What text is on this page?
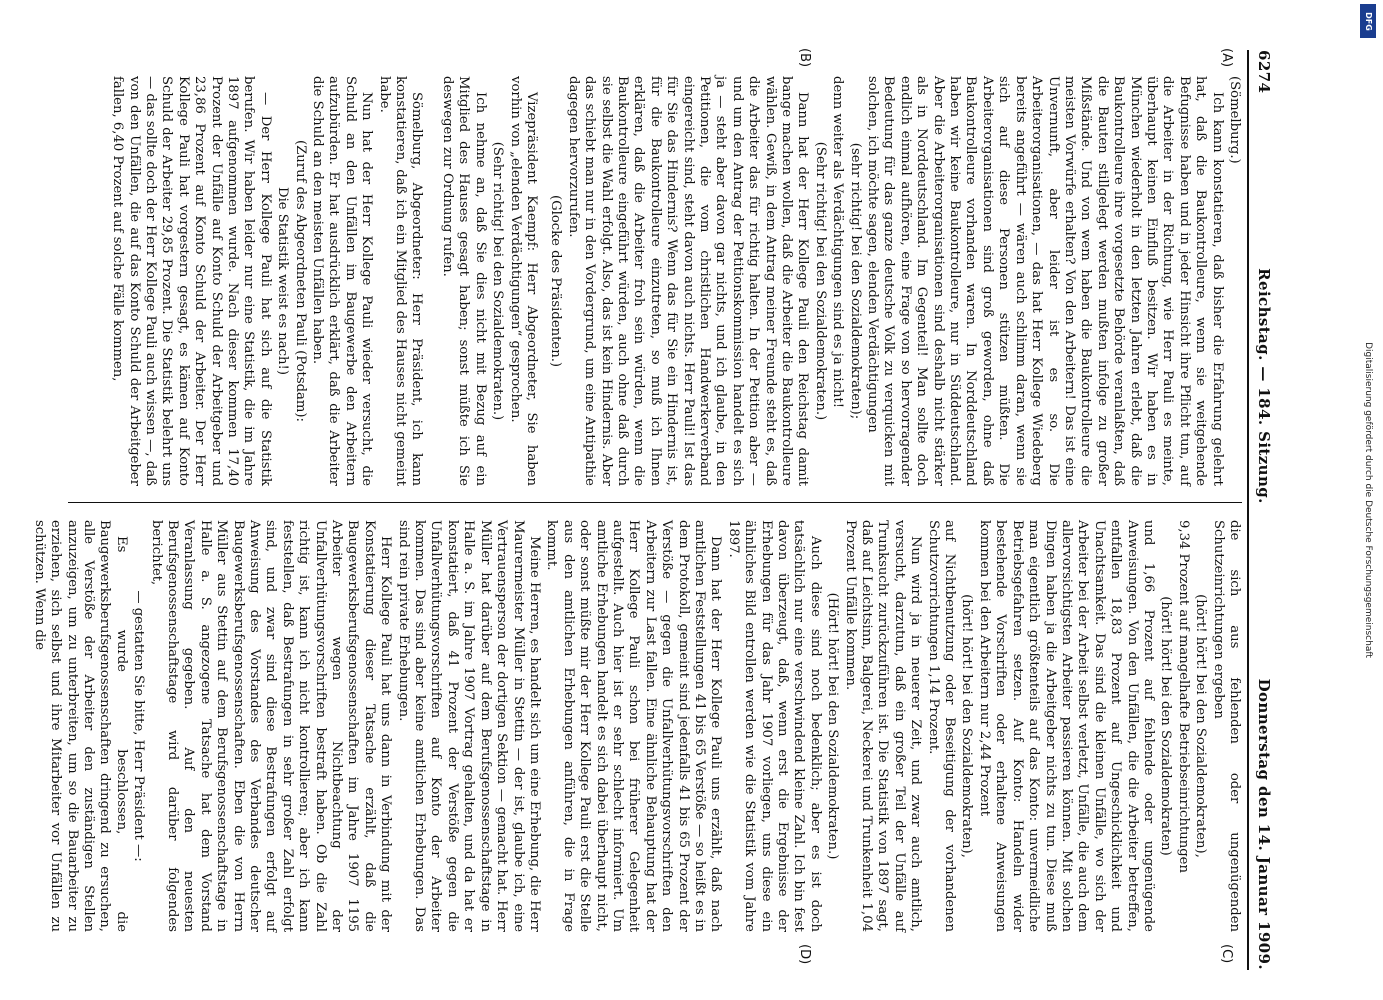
6274
Reichstag. — 184. Sitzung.
Donnerstag den 14. Januar 1909.
(A)
(B)
(C)
(D)

(Sömelburg.)

Ich kann konstatieren, daß bisher die Erfahrung gelehrt hat, daß die Baukontrolleure, wenn sie weitgehende Befugnisse haben und in jeder Hinsicht ihre Pflicht tun, auf die Arbeiter in der Richtung, wie Herr Pauli es meinte, überhaupt keinen Einfluß besitzen. Wir haben es in München wiederholt in den letzten Jahren erlebt, daß die Baukontrolleure ihre vorgesetzte Behörde veranlaßten, daß die Bauten stillgelegt werden mußten infolge zu großer Mißstände. Und von wem haben die Baukontrolleure die meisten Vorwürfe erhalten? Von den Arbeitern! Das ist eine Unvernunft, aber leider ist es so. Die Arbeiterorganisationen, — das hat Herr Kollege Wiedeberg bereits angeführt — wären auch schlimm daran, wenn sie sich auf diese Personen stützen müßten. Die Arbeiterorganisationen sind groß geworden, ohne daß Baukontrolleure vorhanden waren. In Norddeutschland haben wir keine Baukontrolleure, nur in Süddeutschland. Aber die Arbeiterorganisationen sind deshalb nicht stärker als in Norddeutschland. Im Gegenteil! Man sollte doch endlich einmal aufhören, eine Frage von so hervorragender Bedeutung für das ganze deutsche Volk zu verquicken mit solchen, ich möchte sagen, elenden Verdächtigungen

(sehr richtig! bei den Sozialdemokraten);

denn weiter als Verdächtigungen sind es ja nicht!

(Sehr richtig! bei den Sozialdemokraten.)

Dann hat der Herr Kollege Pauli den Reichstag damit bange machen wollen, daß die Arbeiter die Baukontrolleure wählen. Gewiß, in dem Antrag meiner Freunde steht es, daß die Arbeiter das für richtig halten. In der Petition aber — und um den Antrag der Petitionskommission handelt es sich ja — steht aber davon gar nichts, und ich glaube, in den Petitionen, die vom christlichen Handwerkerverband eingereicht sind, steht davon auch nichts. Herr Pauli! Ist das für Sie das Hindernis? Wenn das für Sie ein Hindernis ist, für die Baukontrolleure einzutreten, so muß ich Ihnen erklären, daß die Arbeiter froh sein würden, wenn die Baukontrolleure eingeführt würden, auch ohne daß durch sie selbst die Wahl erfolgt. Also, das ist kein Hindernis. Aber das schiebt man nur in den Vordergrund, um eine Antipathie dagegen hervorzurufen.

(Glocke des Präsidenten.)

Vizepräsident Kaempf: Herr Abgeordneter, Sie haben vorhin von „elenden Verdächtigungen“ gesprochen.

(Sehr richtig! bei den Sozialdemokraten.)

Ich nehme an, daß Sie dies nicht mit Bezug auf ein Mitglied des Hauses gesagt haben; sonst müßte ich Sie deswegen zur Ordnung rufen.

Sömelburg, Abgeordneter: Herr Präsident, ich kann konstatieren, daß ich ein Mitglied des Hauses nicht gemeint habe.

Nun hat der Herr Kollege Pauli wieder versucht, die Schuld an den Unfällen im Baugewerbe den Arbeitern aufzubürden. Er hat ausdrücklich erklärt, daß die Arbeiter die Schuld an den meisten Unfällen haben.

(Zuruf des Abgeordneten Pauli (Potsdam):

Die Statistik weist es nach!)

— Der Herr Kollege Pauli hat sich auf die Statistik berufen. Wir haben leider nur eine Statistik, die im Jahre 1897 aufgenommen wurde. Nach dieser kommen 17,40 Prozent der Unfälle auf Konto Schuld der Arbeitgeber und 23,86 Prozent auf Konto Schuld der Arbeiter. Der Herr Kollege Pauli hat vorgestern gesagt, es kämen auf Konto Schuld der Arbeiter 29,85 Prozent. Die Statistik belehrt uns — das sollte doch der Herr Kollege Pauli auch wissen —, daß von den Unfällen, die auf das Konto Schuld der Arbeitgeber fallen, 6,40 Prozent auf solche Fälle kommen,

die sich aus fehlenden oder ungenügenden Schutzeinrichtungen ergeben

(hört! hört! bei den Sozialdemokraten),

9,34 Prozent auf mangelhafte Betriebseinrichtungen

(hört! hört! bei den Sozialdemokraten)

und 1,66 Prozent auf fehlende oder ungenügende Anweisungen. Von den Unfällen, die die Arbeiter betreffen, entfallen 18,83 Prozent auf Ungeschicklichkeit und Unachtsamkeit. Das sind die kleinen Unfälle, wo sich der Arbeiter bei der Arbeit selbst verletzt, Unfälle, die auch dem allervorsichtigsten Arbeiter passieren können. Mit solchen Dingen haben ja die Arbeitgeber nichts zu tun. Diese muß man eigentlich größtenteils auf das Konto: unvermeidliche Betriebsgefahren setzen. Auf Konto: Handeln wider bestehende Vorschriften oder erhaltene Anweisungen kommen bei den Arbeitern nur 2,44 Prozent

(hört! hört! bei den Sozialdemokraten),

auf Nichtbenutzung oder Beseitigung der vorhandenen Schutzvorrichtungen 1,14 Prozent.

Nun wird ja in neuerer Zeit, und zwar auch amtlich, versucht, darzutun, daß ein großer Teil der Unfälle auf Trunksucht zurückzuführen ist. Die Statistik von 1897 sagt, daß auf Leichtsinn, Balgerei, Neckerei und Trunkenheit 1,04 Prozent Unfälle kommen.

(Hört! hört! bei den Sozialdemokraten.)

Auch diese sind noch bedenklich; aber es ist doch tatsächlich nur eine verschwindend kleine Zahl. Ich bin fest davon überzeugt, daß, wenn erst die Ergebnisse der Erhebungen für das Jahr 1907 vorliegen, uns diese ein ähnliches Bild entrollen werden wie die Statistik vom Jahre 1897.

Dann hat der Herr Kollege Pauli uns erzählt, daß nach amtlichen Feststellungen 41 bis 65 Verstöße — so heißt es in dem Protokoll, gemeint sind jedenfalls 41 bis 65 Prozent der Verstöße — gegen die Unfallverhütungsvorschriften den Arbeitern zur Last fallen. Eine ähnliche Behauptung hat der Herr Kollege Pauli schon bei früherer Gelegenheit aufgestellt. Auch hier ist er sehr schlecht informiert. Um amtliche Erhebungen handelt es sich dabei überhaupt nicht, oder sonst müßte mir der Herr Kollege Pauli erst die Stelle aus den amtlichen Erhebungen anführen, die in Frage kommt.

Meine Herren, es handelt sich um eine Erhebung, die Herr Maurermeister Müller in Stettin — der ist, glaube ich, eine Vertrauensperson der dortigen Sektion — gemacht hat. Herr Müller hat darüber auf dem Berufsgenossenschaftstage in Halle a. S. im Jahre 1907 Vortrag gehalten, und da hat er konstatiert, daß 41 Prozent der Verstöße gegen die Unfallverhütungsvorschriften auf Konto der Arbeiter kommen. Das sind aber keine amtlichen Erhebungen. Das sind rein private Erhebungen.

Herr Kollege Pauli hat uns dann in Verbindung mit der Konstatierung dieser Tatsache erzählt, daß die Baugewerksberufsgenossenschaften im Jahre 1907 1195 Arbeiter wegen Nichtbeachtung der Unfallverhütungsvorschriften bestraft haben. Ob die Zahl richtig ist, kann ich nicht kontrollieren; aber ich kann feststellen, daß Bestrafungen in sehr großer Zahl erfolgt sind, und zwar sind diese Bestrafungen erfolgt auf Anweisung des Vorstandes des Verbandes deutscher Baugewerksberufsgenossenschaften. Eben die von Herrn Müller aus Stettin auf dem Berufsgenossenschaftstage in Halle a. S. angezogene Tatsache hat dem Vorstand Veranlassung gegeben. Auf den neuesten Berufsgenossenschaftstage wird darüber folgendes berichtet,

— gestatten Sie bitte, Herr Präsident —:

Es wurde beschlossen, die Baugewerksberufsgenossenschaften dringend zu ersuchen, alle Verstöße der Arbeiter den zuständigen Stellen anzuzeigen, um zu unterbreiten, um so die Bauarbeiter zu erziehen, sich selbst und ihre Mitarbeiter vor Unfällen zu schützen. Wenn die	Digitalisierung gefördert durch die Deutsche Forschungsgemeinschaft
DFG
